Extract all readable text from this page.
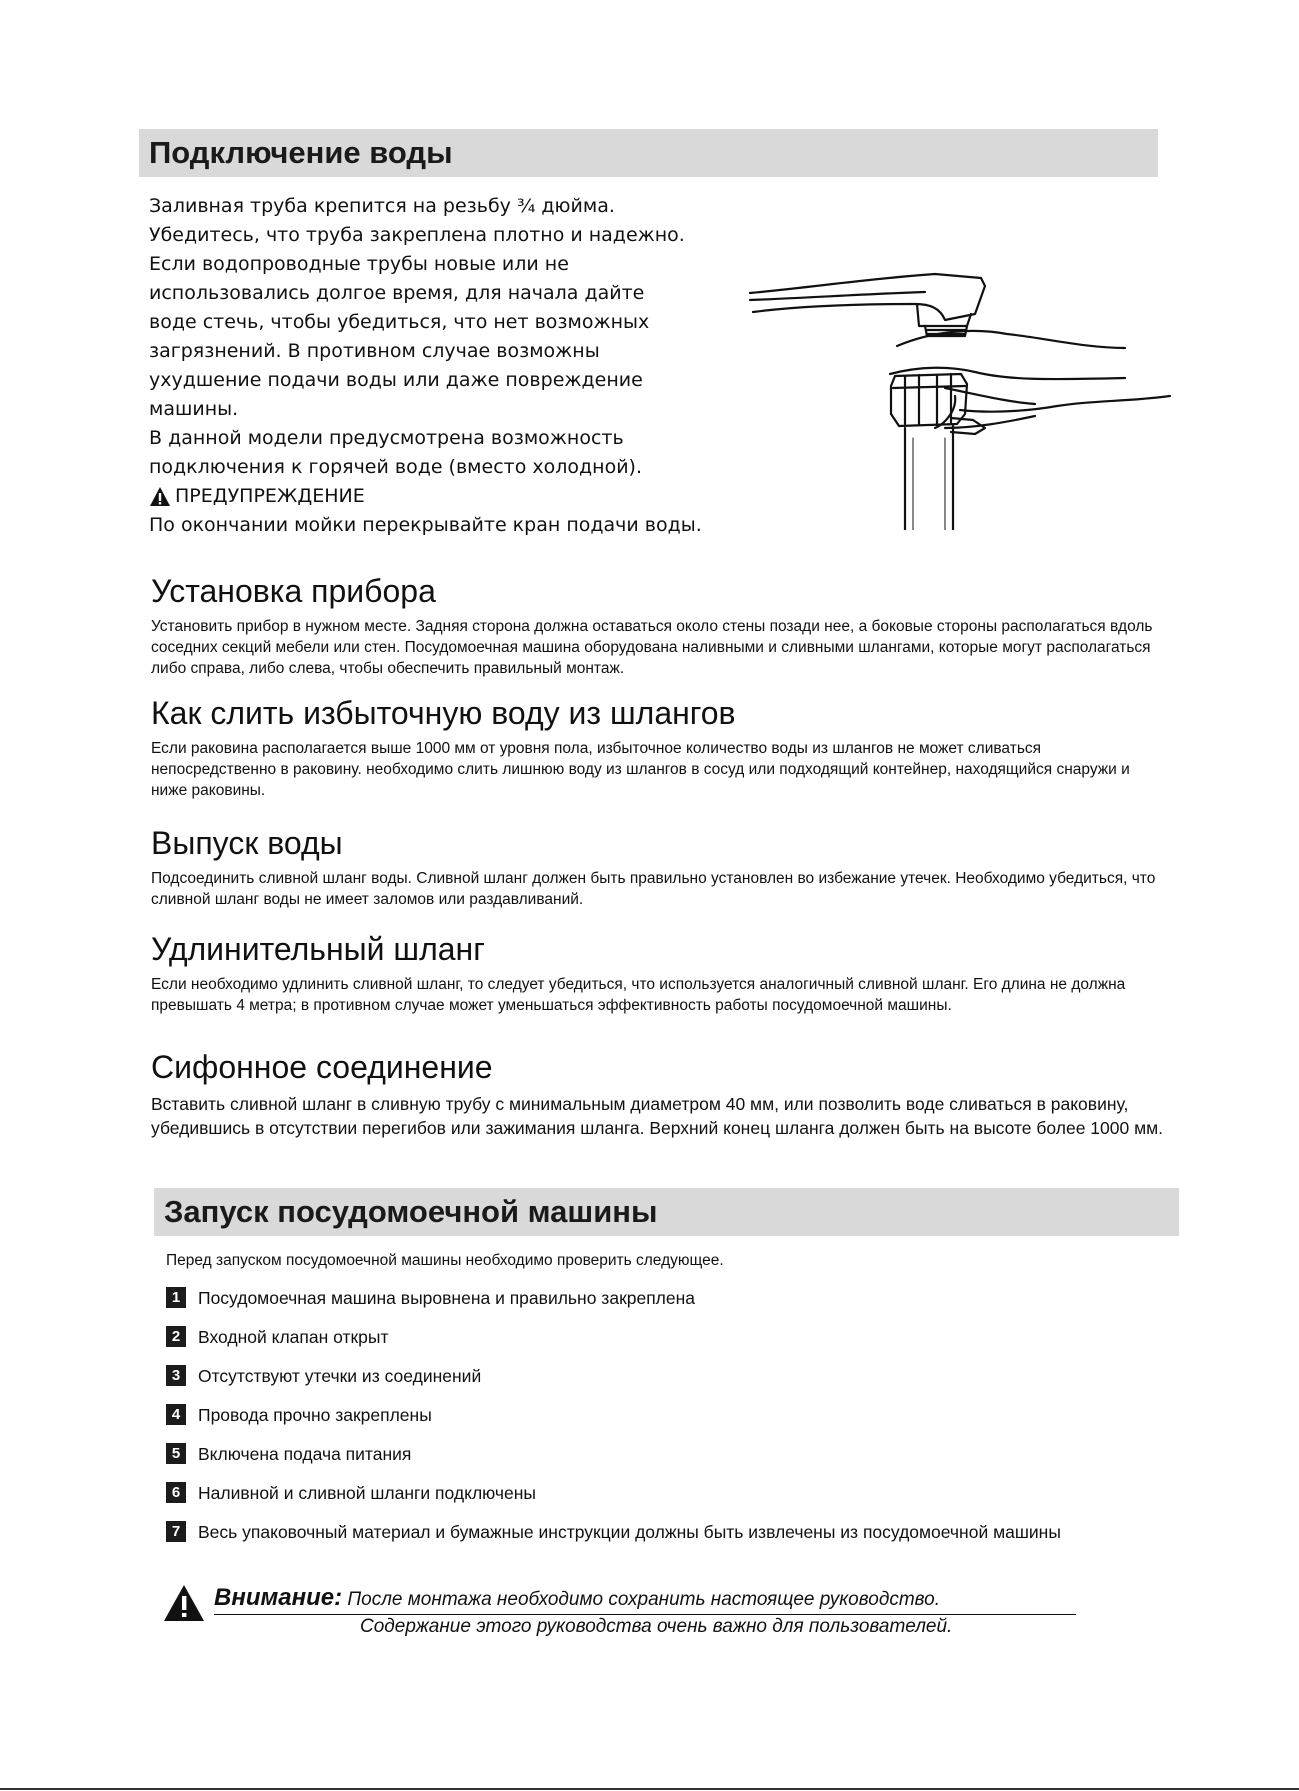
Подключение воды

Заливная труба крепится на резьбу ¾ дюйма.

Убедитесь, что труба закреплена плотно и надежно.

Если водопроводные трубы новые или не

использовались долгое время, для начала дайте

воде стечь, чтобы убедиться, что нет возможных

загрязнений. В противном случае возможны

ухудшение подачи воды или даже повреждение

машины.

В данной модели предусмотрена возможность

подключения к горячей воде (вместо холодной).

ПРЕДУПРЕЖДЕНИЕ

По окончании мойки перекрывайте кран подачи воды.

Установка прибора
Установить прибор в нужном месте. Задняя сторона должна оставаться около стены позади нее, а боковые стороны располагаться вдоль соседних секций мебели или стен. Посудомоечная машина оборудована наливными и сливными шлангами, которые могут располагаться либо справа, либо слева, чтобы обеспечить правильный монтаж.
Как слить избыточную воду из шлангов
Если раковина располагается выше 1000 мм от уровня пола, избыточное количество воды из шлангов не может сливаться непосредственно в раковину. необходимо слить лишнюю воду из шлангов в сосуд или подходящий контейнер, находящийся снаружи и ниже раковины.
Выпуск воды
Подсоединить сливной шланг воды. Сливной шланг должен быть правильно установлен во избежание утечек. Необходимо убедиться, что сливной шланг воды не имеет заломов или раздавливаний.
Удлинительный шланг
Если необходимо удлинить сливной шланг, то следует убедиться, что используется аналогичный сливной шланг. Его длина не должна превышать 4 метра; в противном случае может уменьшаться эффективность работы посудомоечной машины.
Сифонное соединение
Вставить сливной шланг в сливную трубу с минимальным диаметром 40 мм, или позволить воде сливаться в раковину, убедившись в отсутствии перегибов или зажимания шланга. Верхний конец шланга должен быть на высоте более 1000 мм.
Запуск посудомоечной машины
Перед запуском посудомоечной машины необходимо проверить следующее.
1	Посудомоечная машина выровнена и правильно закреплена
2	Входной клапан открыт
3	Отсутствуют утечки из соединений
4	Провода прочно закреплены
5	Включена подача питания
6	Наливной и сливной шланги подключены
7	Весь упаковочный материал и бумажные инструкции должны быть извлечены из посудомоечной машины
Внимание: После монтажа необходимо сохранить настоящее руководство.
Содержание этого руководства очень важно для пользователей.
